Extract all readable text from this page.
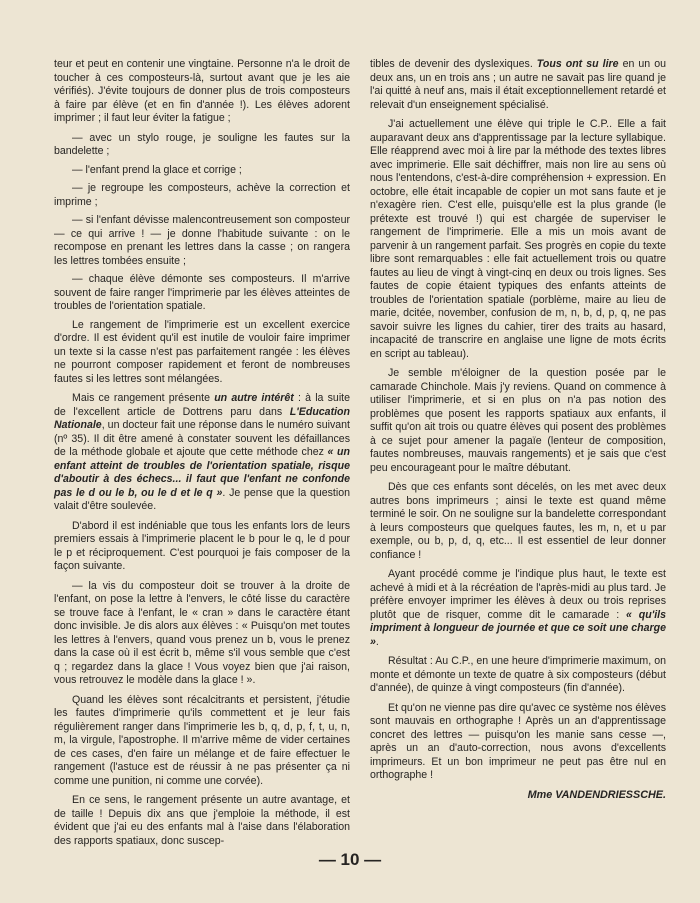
teur et peut en contenir une vingtaine. Personne n'a le droit de toucher à ces composteurs-là, surtout avant que je les aie vérifiés). J'évite toujours de donner plus de trois composteurs à faire par élève (et en fin d'année !). Les élèves adorent imprimer ; il faut leur éviter la fatigue ;

— avec un stylo rouge, je souligne les fautes sur la bandelette ;

— l'enfant prend la glace et corrige ;

— je regroupe les composteurs, achève la correction et imprime ;

— si l'enfant dévisse malencontreusement son composteur — ce qui arrive ! — je donne l'habitude suivante : on le recompose en prenant les lettres dans la casse ; on rangera les lettres tombées ensuite ;

— chaque élève démonte ses composteurs. Il m'arrive souvent de faire ranger l'imprimerie par les élèves atteintes de troubles de l'orientation spatiale.

Le rangement de l'imprimerie est un excellent exercice d'ordre. Il est évident qu'il est inutile de vouloir faire imprimer un texte si la casse n'est pas parfaitement rangée : les élèves ne pourront composer rapidement et feront de nombreuses fautes si les lettres sont mélangées.

Mais ce rangement présente un autre intérêt : à la suite de l'excellent article de Dottrens paru dans L'Education Nationale, un docteur fait une réponse dans le numéro suivant (nº 35). Il dit être amené à constater souvent les défaillances de la méthode globale et ajoute que cette méthode chez « un enfant atteint de troubles de l'orientation spatiale, risque d'aboutir à des échecs... il faut que l'enfant ne confonde pas le d ou le b, ou le d et le q ». Je pense que la question valait d'être soulevée.

D'abord il est indéniable que tous les enfants lors de leurs premiers essais à l'imprimerie placent le b pour le q, le d pour le p et réciproquement. C'est pourquoi je fais composer de la façon suivante.

— la vis du composteur doit se trouver à la droite de l'enfant, on pose la lettre à l'envers, le côté lisse du caractère se trouve face à l'enfant, le « cran » dans le caractère étant donc invisible. Je dis alors aux élèves : « Puisqu'on met toutes les lettres à l'envers, quand vous prenez un b, vous le prenez dans la case où il est écrit b, même s'il vous semble que c'est q ; regardez dans la glace ! Vous voyez bien que j'ai raison, vous retrouvez le modèle dans la glace ! ».

Quand les élèves sont récalcitrants et persistent, j'étudie les fautes d'imprimerie qu'ils commettent et je leur fais régulièrement ranger dans l'imprimerie les b, q, d, p, f, t, u, n, m, la virgule, l'apostrophe. Il m'arrive même de vider certaines de ces cases, d'en faire un mélange et de faire effectuer le rangement (l'astuce est de réussir à ne pas présenter ça ni comme une punition, ni comme une corvée).

En ce sens, le rangement présente un autre avantage, et de taille ! Depuis dix ans que j'emploie la méthode, il est évident que j'ai eu des enfants mal à l'aise dans l'élaboration des rapports spatiaux, donc suscep-

tibles de devenir des dyslexiques. Tous ont su lire en un ou deux ans, un en trois ans ; un autre ne savait pas lire quand je l'ai quitté à neuf ans, mais il était exceptionnellement retardé et relevait d'un enseignement spécialisé.

J'ai actuellement une élève qui triple le C.P.. Elle a fait auparavant deux ans d'apprentissage par la lecture syllabique. Elle réapprend avec moi à lire par la méthode des textes libres avec imprimerie. Elle sait déchiffrer, mais non lire au sens où nous l'entendons, c'est-à-dire compréhension + expression. En octobre, elle était incapable de copier un mot sans faute et je n'exagère rien. C'est elle, puisqu'elle est la plus grande (le prétexte est trouvé !) qui est chargée de superviser le rangement de l'imprimerie. Elle a mis un mois avant de parvenir à un rangement parfait. Ses progrès en copie du texte libre sont remarquables : elle fait actuellement trois ou quatre fautes au lieu de vingt à vingt-cinq en deux ou trois lignes. Ses fautes de copie étaient typiques des enfants atteints de troubles de l'orientation spatiale (porblème, maire au lieu de marie, dcitée, november, confusion de m, n, b, d, p, q, ne pas savoir suivre les lignes du cahier, tirer des traits au hasard, incapacité de transcrire en anglaise une ligne de mots écrits en script au tableau).

Je semble m'éloigner de la question posée par le camarade Chinchole. Mais j'y reviens. Quand on commence à utiliser l'imprimerie, et si en plus on n'a pas notion des problèmes que posent les rapports spatiaux aux enfants, il suffit qu'on ait trois ou quatre élèves qui posent des problèmes à ce sujet pour amener la pagaïe (lenteur de composition, fautes nombreuses, mauvais rangements) et je sais que c'est peu encourageant pour le maître débutant.

Dès que ces enfants sont décelés, on les met avec deux autres bons imprimeurs ; ainsi le texte est quand même terminé le soir. On ne souligne sur la bandelette correspondant à leurs composteurs que quelques fautes, les m, n, et u par exemple, ou b, p, d, q, etc... Il est essentiel de leur donner confiance !

Ayant procédé comme je l'indique plus haut, le texte est achevé à midi et à la récréation de l'après-midi au plus tard. Je préfère envoyer imprimer les élèves à deux ou trois reprises plutôt que de risquer, comme dit le camarade : « qu'ils impriment à longueur de journée et que ce soit une charge ».

Résultat : Au C.P., en une heure d'imprimerie maximum, on monte et démonte un texte de quatre à six composteurs (début d'année), de quinze à vingt composteurs (fin d'année).

Et qu'on ne vienne pas dire qu'avec ce système nos élèves sont mauvais en orthographe ! Après un an d'apprentissage concret des lettres — puisqu'on les manie sans cesse —, après un an d'auto-correction, nous avons d'excellents imprimeurs. Et un bon imprimeur ne peut pas être nul en orthographe !

Mme VANDENDRIESSCHE.

— 10 —
